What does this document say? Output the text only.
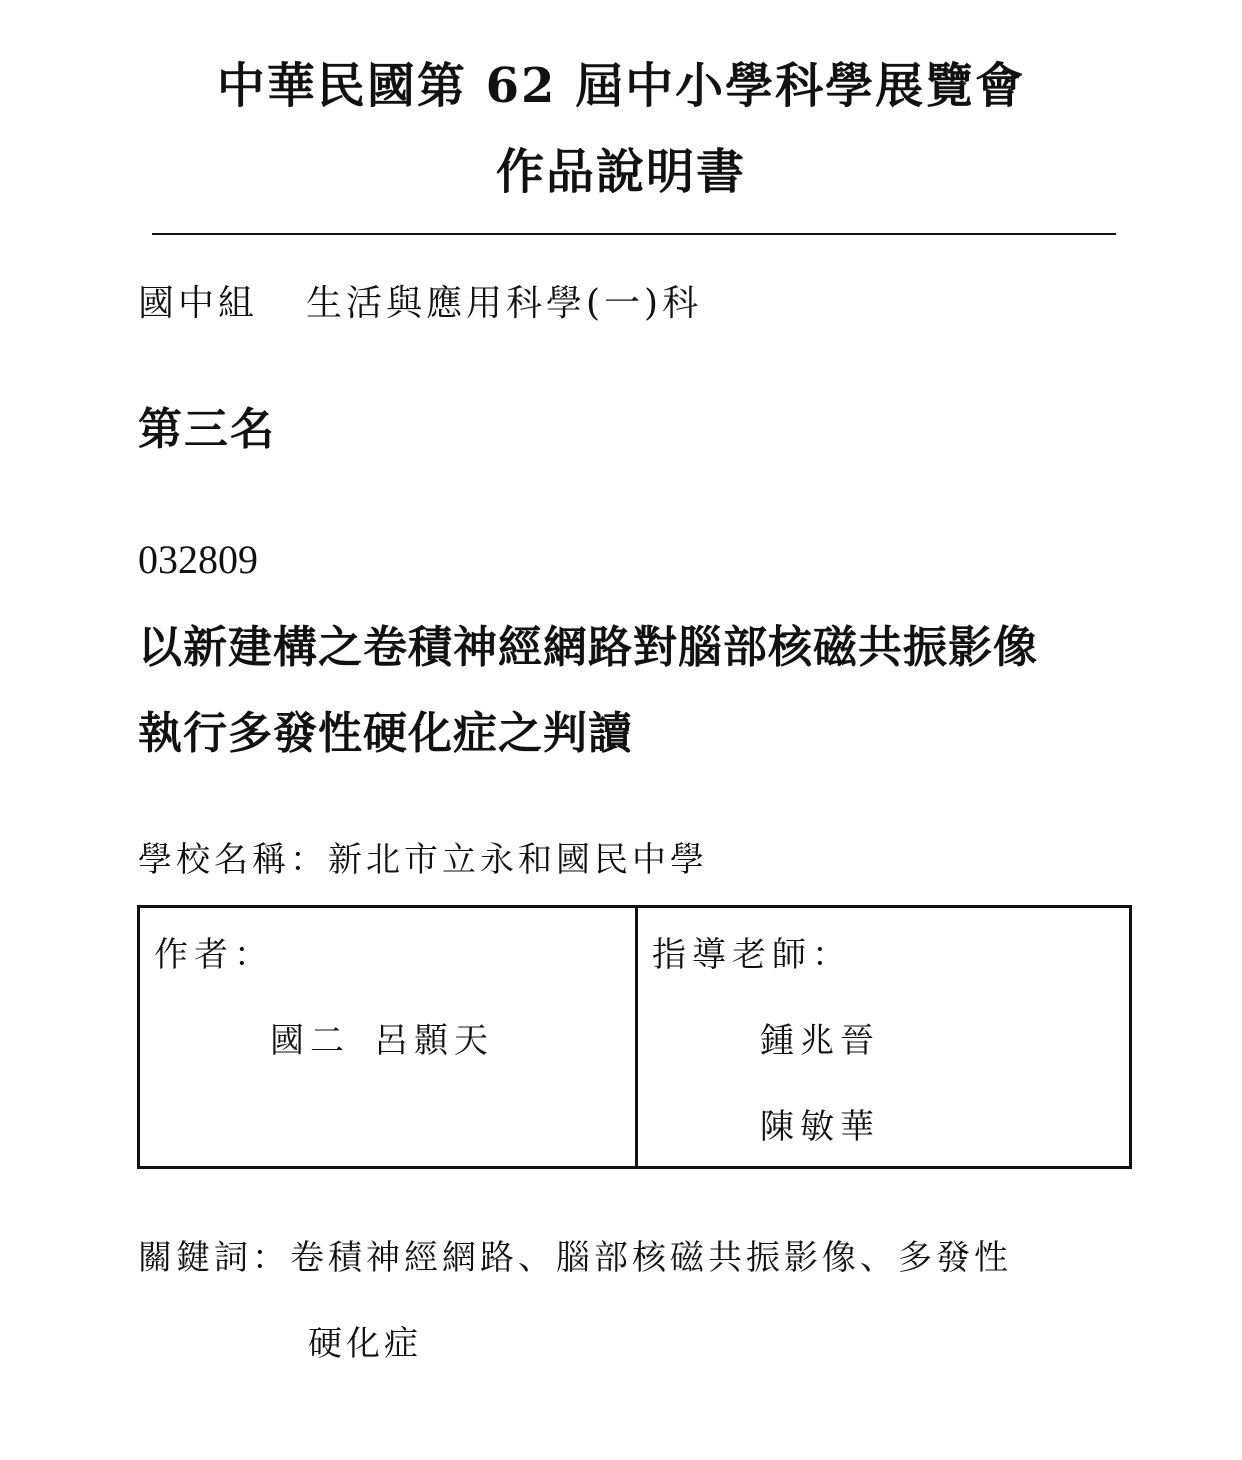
中華民國第 62 屆中小學科學展覽會
作品說明書
國中組 生活與應用科學(一)科
第三名
032809
以新建構之卷積神經網路對腦部核磁共振影像
執行多發性硬化症之判讀
學校名稱：新北市立永和國民中學
作者：
國二 呂顥天
指導老師：
鍾兆晉
陳敏華
關鍵詞：卷積神經網路、腦部核磁共振影像、多發性
硬化症
